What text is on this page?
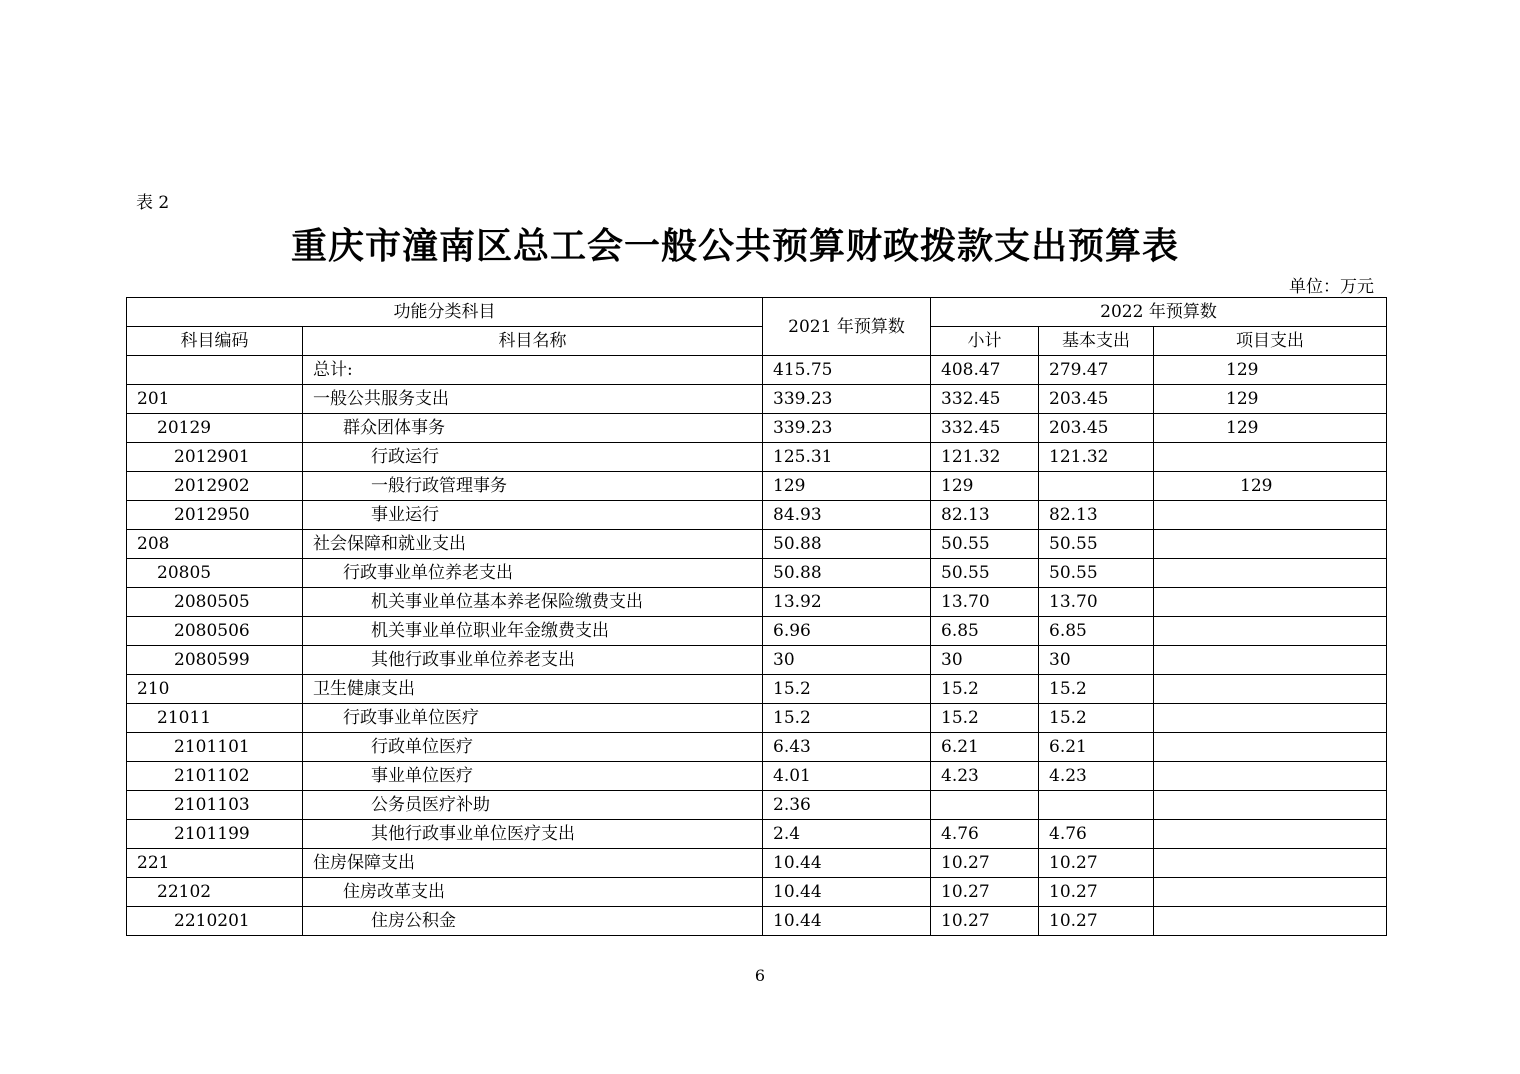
表 2
重庆市潼南区总工会一般公共预算财政拨款支出预算表
单位：万元
功能分类科目		2021 年预算数	2022 年预算数		
科目编码	科目名称		小计	基本支出	项目支出
	总计:	415.75	408.47	279.47	129
201	一般公共服务支出	339.23	332.45	203.45	129
20129	群众团体事务	339.23	332.45	203.45	129
2012901	行政运行	125.31	121.32	121.32	
2012902	一般行政管理事务	129	129		129
2012950	事业运行	84.93	82.13	82.13	
208	社会保障和就业支出	50.88	50.55	50.55	
20805	行政事业单位养老支出	50.88	50.55	50.55	
2080505	机关事业单位基本养老保险缴费支出	13.92	13.70	13.70	
2080506	机关事业单位职业年金缴费支出	6.96	6.85	6.85	
2080599	其他行政事业单位养老支出	30	30	30	
210	卫生健康支出	15.2	15.2	15.2	
21011	行政事业单位医疗	15.2	15.2	15.2	
2101101	行政单位医疗	6.43	6.21	6.21	
2101102	事业单位医疗	4.01	4.23	4.23	
2101103	公务员医疗补助	2.36			
2101199	其他行政事业单位医疗支出	2.4	4.76	4.76	
221	住房保障支出	10.44	10.27	10.27	
22102	住房改革支出	10.44	10.27	10.27	
2210201	住房公积金	10.44	10.27	10.27	
6
